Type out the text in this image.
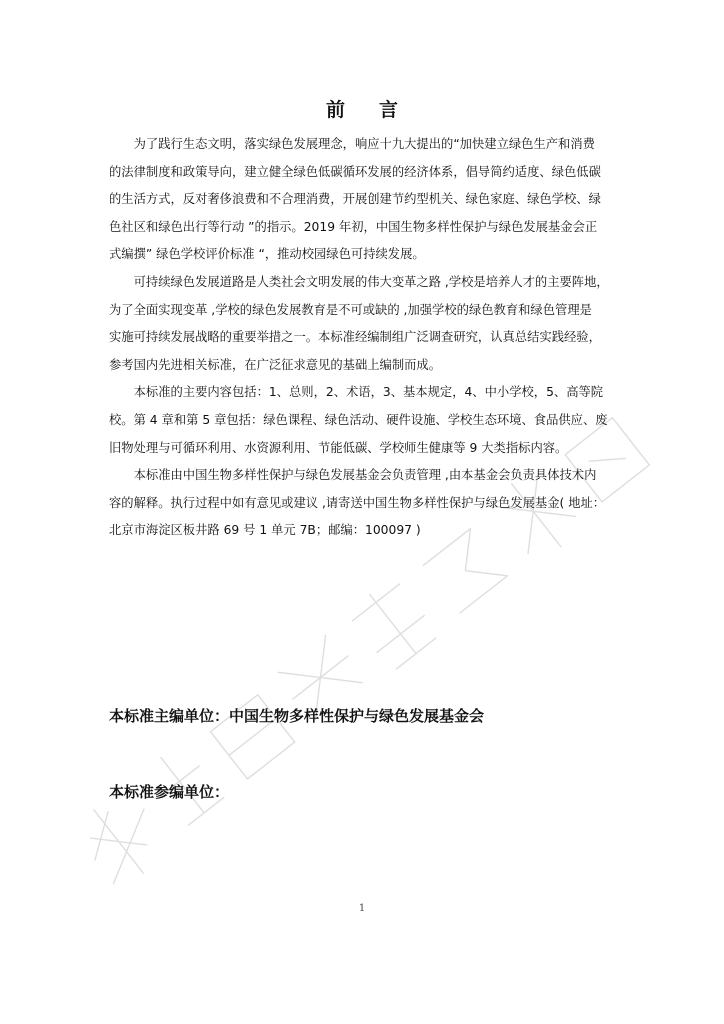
前 言

为了践行生态文明，落实绿色发展理念，响应十九大提出的“加快建立绿色生产和消费

的法律制度和政策导向，建立健全绿色低碳循环发展的经济体系，倡导简约适度、绿色低碳
的生活方式，反对奢侈浪费和不合理消费，开展创建节约型机关、绿色家庭、绿色学校、绿
色社区和绿色出行等行动 ”的指示。2019 年初，中国生物多样性保护与绿色发展基金会正
式编撰” 绿色学校评价标准 “，推动校园绿色可持续发展。

可持续绿色发展道路是人类社会文明发展的伟大变革之路 ,学校是培养人才的主要阵地，

为了全面实现变革 ,学校的绿色发展教育是不可或缺的 ,加强学校的绿色教育和绿色管理是
实施可持续发展战略的重要举措之一。本标准经编制组广泛调查研究，认真总结实践经验，
参考国内先进相关标准，在广泛征求意见的基础上编制而成。

本标准的主要内容包括：1、总则，2、术语，3、基本规定，4、中小学校，5、高等院

校。第 4 章和第 5 章包括：绿色课程、绿色活动、硬件设施、学校生态环境、食品供应、废
旧物处理与可循环利用、水资源利用、节能低碳、学校师生健康等 9 大类指标内容。

本标准由中国生物多样性保护与绿色发展基金会负责管理 ,由本基金会负责具体技术内

容的解释。执行过程中如有意见或建议 ,请寄送中国生物多样性保护与绿色发展基金( 地址：
北京市海淀区板井路 69 号 1 单元 7B；邮编：100097 )
本标准主编单位：中国生物多样性保护与绿色发展基金会
本标准参编单位：
1
